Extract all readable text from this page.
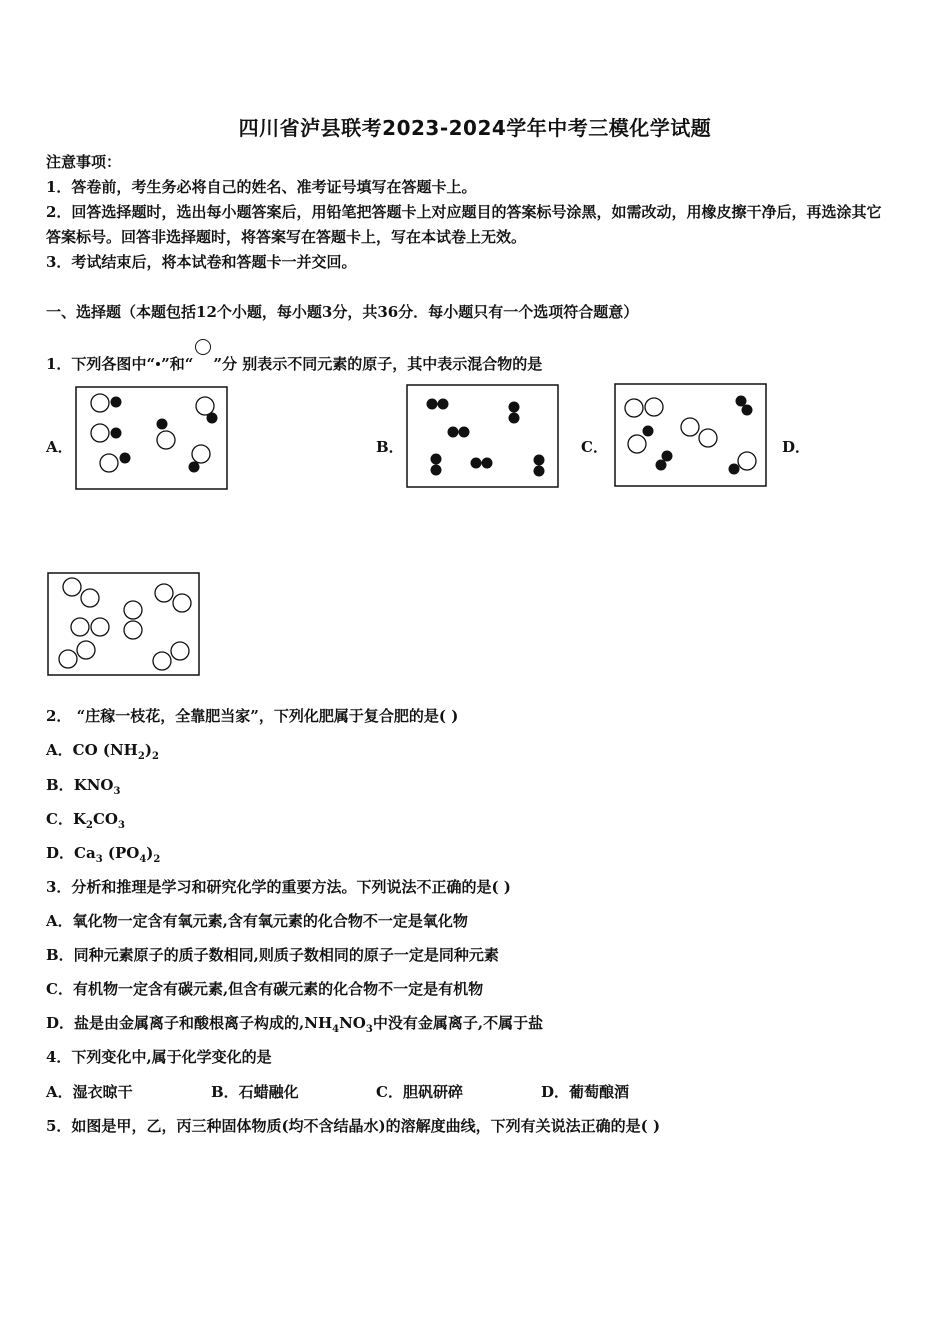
四川省泸县联考2023-2024学年中考三模化学试题
注意事项：
1．答卷前，考生务必将自己的姓名、准考证号填写在答题卡上。
2．回答选择题时，选出每小题答案后，用铅笔把答题卡上对应题目的答案标号涂黑，如需改动，用橡皮擦干净后，再选涂其它答案标号。回答非选择题时，将答案写在答题卡上，写在本试卷上无效。
3．考试结束后，将本试卷和答题卡一并交回。
一、选择题（本题包括12个小题，每小题3分，共36分．每小题只有一个选项符合题意）
1．下列各图中“ ”和“ ”分 别表示不同元素的原子，其中表示混合物的是
A．	B．	C．	D．
2． “庄稼一枝花，全靠肥当家”，下列化肥属于复合肥的是( )
A．CO $(NH_2)_2$
B．$KNO_3$
C．$K_2CO_3$
D．$Ca_3$ $(PO_4)_2$
3．分析和推理是学习和研究化学的重要方法。下列说法不正确的是( )
A．氧化物一定含有氧元素,含有氧元素的化合物不一定是氧化物
B．同种元素原子的质子数相同,则质子数相同的原子一定是同种元素
C．有机物一定含有碳元素,但含有碳元素的化合物不一定是有机物
D．盐是由金属离子和酸根离子构成的$,NH_4NO_3$中没有金属离子,不属于盐
4．下列变化中,属于化学变化的是
A．湿衣晾干	B．石蜡融化	C．胆矾研碎	D．葡萄酿酒
5．如图是甲，乙，丙三种固体物质(均不含结晶水)的溶解度曲线，下列有关说法正确的是( )
